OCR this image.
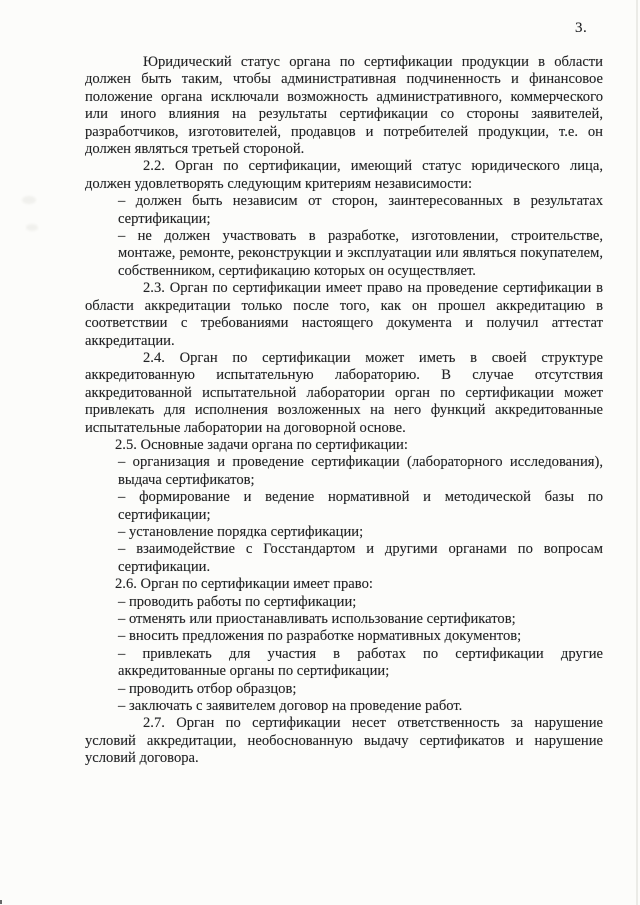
3.

Юридический статус органа по сертификации продукции в области должен быть таким, чтобы административная подчиненность и финансовое положение органа исключали возможность административного, коммерческого или иного влияния на результаты сертификации со стороны заявителей, разработчиков, изготовителей, продавцов и потребителей продукции, т.е. он должен являться третьей стороной.

2.2. Орган по сертификации, имеющий статус юридического лица, должен удовлетворять следующим критериям независимости:

– должен быть независим от сторон, заинтересованных в результатах сертификации;

– не должен участвовать в разработке, изготовлении, строительстве, монтаже, ремонте, реконструкции и эксплуатации или являться покупателем, собственником, сертификацию которых он осуществляет.

2.3. Орган по сертификации имеет право на проведение сертификации в области аккредитации только после того, как он прошел аккредитацию в соответствии с требованиями настоящего документа и получил аттестат аккредитации.

2.4. Орган по сертификации может иметь в своей структуре аккредитованную испытательную лабораторию. В случае отсутствия аккредитованной испытательной лаборатории орган по сертификации может привлекать для исполнения возложенных на него функций аккредитованные испытательные лаборатории на договорной основе.

2.5. Основные задачи органа по сертификации:

– организация и проведение сертификации (лабораторного исследования), выдача сертификатов;

– формирование и ведение нормативной и методической базы по сертификации;

– установление порядка сертификации;

– взаимодействие с Госстандартом и другими органами по вопросам сертификации.

2.6. Орган по сертификации имеет право:

– проводить работы по сертификации;

– отменять или приостанавливать использование сертификатов;

– вносить предложения по разработке нормативных документов;

– привлекать для участия в работах по сертификации другие аккредитованные органы по сертификации;

– проводить отбор образцов;

– заключать с заявителем договор на проведение работ.

2.7. Орган по сертификации несет ответственность за нарушение условий аккредитации, необоснованную выдачу сертификатов и нарушение условий договора.
